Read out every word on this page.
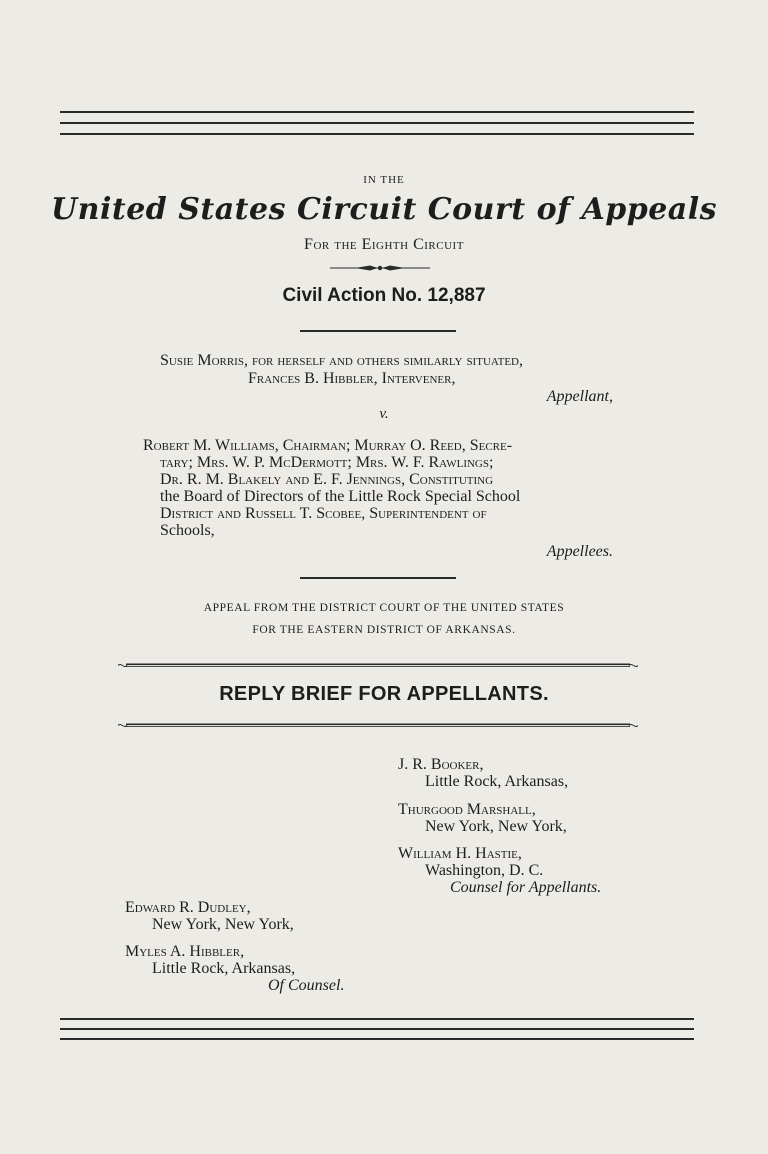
IN THE
United States Circuit Court of Appeals
For the Eighth Circuit
Civil Action No. 12,887
Susie Morris, for herself and others similarly situated,
Frances B. Hibbler, Intervener,
Appellant,
v.
Robert M. Williams, Chairman; Murray O. Reed, Secre-
tary; Mrs. W. P. McDermott; Mrs. W. F. Rawlings;
Dr. R. M. Blakely and E. F. Jennings, Constituting
the Board of Directors of the Little Rock Special School
District and Russell T. Scobee, Superintendent of
Schools,
Appellees.
APPEAL FROM THE DISTRICT COURT OF THE UNITED STATES
FOR THE EASTERN DISTRICT OF ARKANSAS.
REPLY BRIEF FOR APPELLANTS.
J. R. Booker,
Little Rock, Arkansas,
Thurgood Marshall,
New York, New York,
William H. Hastie,
Washington, D. C.
Counsel for Appellants.
Edward R. Dudley,
New York, New York,
Myles A. Hibbler,
Little Rock, Arkansas,
Of Counsel.
